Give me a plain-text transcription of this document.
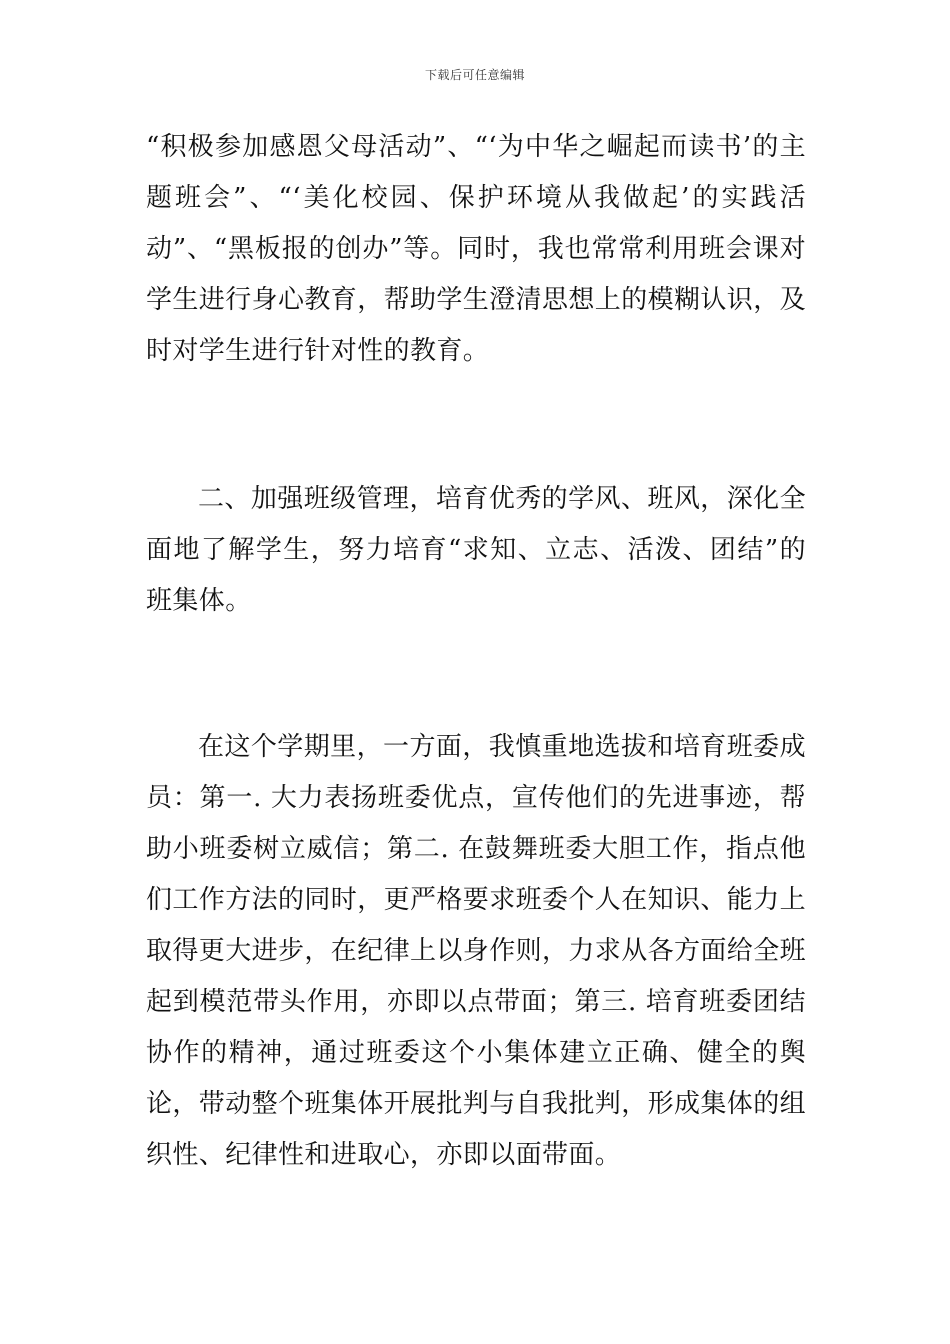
下载后可任意编辑

“积极参加感恩父母活动”、“‘为中华之崛起而读书’的主题班会”、“‘美化校园、保护环境从我做起’的实践活动”、“黑板报的创办”等。同时，我也常常利用班会课对学生进行身心教育，帮助学生澄清思想上的模糊认识，及时对学生进行针对性的教育。

二、加强班级管理，培育优秀的学风、班风，深化全面地了解学生，努力培育“求知、立志、活泼、团结”的班集体。

在这个学期里，一方面，我慎重地选拔和培育班委成员：第一. 大力表扬班委优点，宣传他们的先进事迹，帮助小班委树立威信；第二. 在鼓舞班委大胆工作，指点他们工作方法的同时，更严格要求班委个人在知识、能力上取得更大进步，在纪律上以身作则，力求从各方面给全班起到模范带头作用，亦即以点带面；第三. 培育班委团结协作的精神，通过班委这个小集体建立正确、健全的舆论，带动整个班集体开展批判与自我批判，形成集体的组织性、纪律性和进取心，亦即以面带面。
